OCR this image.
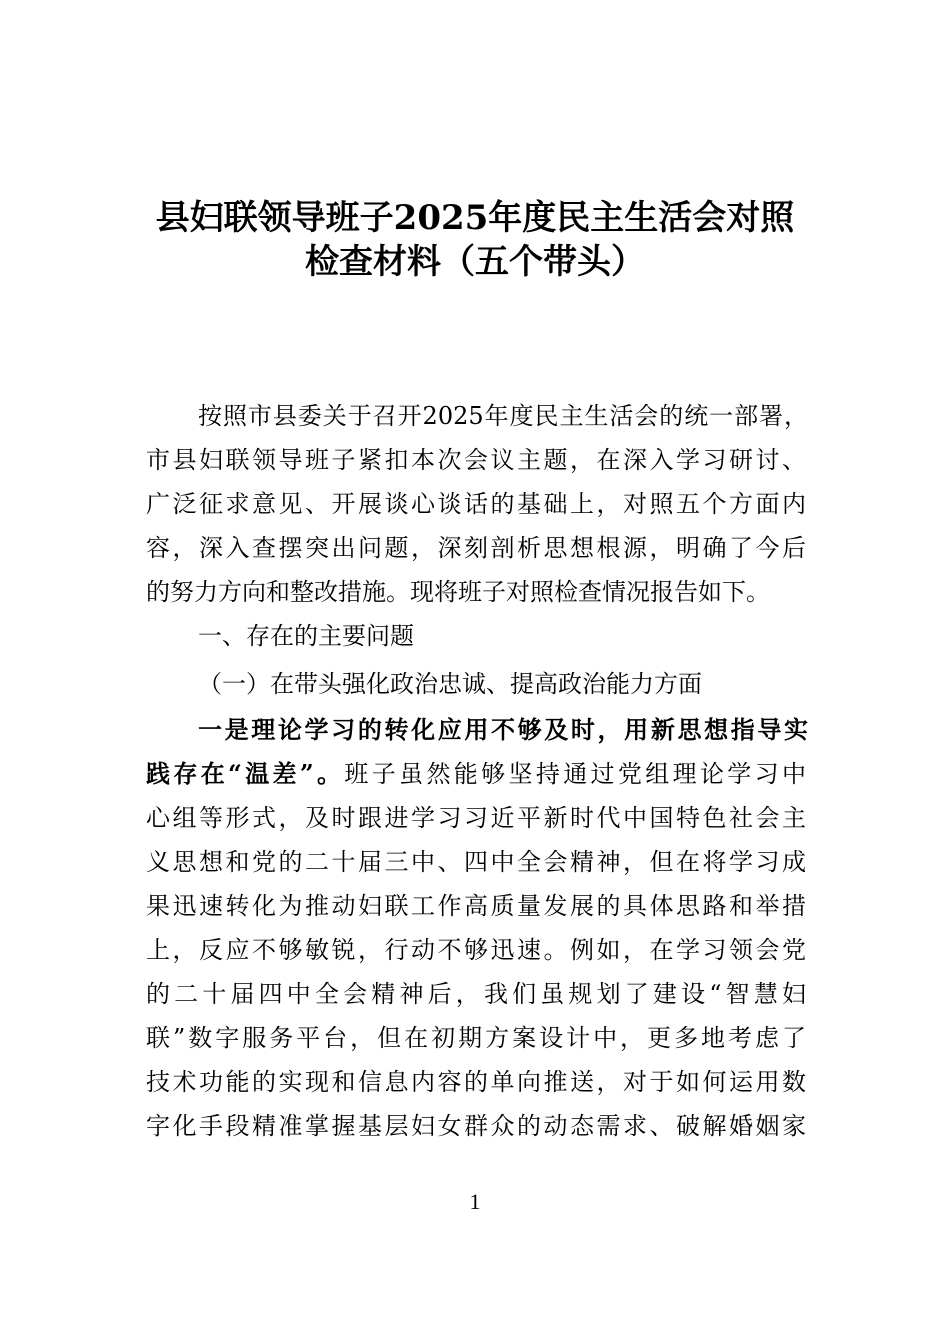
县妇联领导班子2025年度民主生活会对照
检查材料（五个带头）
按照市县委关于召开2025年度民主生活会的统一部署，
市县妇联领导班子紧扣本次会议主题，在深入学习研讨、
广泛征求意见、开展谈心谈话的基础上，对照五个方面内
容，深入查摆突出问题，深刻剖析思想根源，明确了今后
的努力方向和整改措施。现将班子对照检查情况报告如下。
一、存在的主要问题
（一）在带头强化政治忠诚、提高政治能力方面
一是理论学习的转化应用不够及时，用新思想指导实
践存在“温差”。班子虽然能够坚持通过党组理论学习中
心组等形式，及时跟进学习习近平新时代中国特色社会主
义思想和党的二十届三中、四中全会精神，但在将学习成
果迅速转化为推动妇联工作高质量发展的具体思路和举措
上，反应不够敏锐，行动不够迅速。例如，在学习领会党
的二十届四中全会精神后，我们虽规划了建设“智慧妇
联”数字服务平台，但在初期方案设计中，更多地考虑了
技术功能的实现和信息内容的单向推送，对于如何运用数
字化手段精准掌握基层妇女群众的动态需求、破解婚姻家
1
